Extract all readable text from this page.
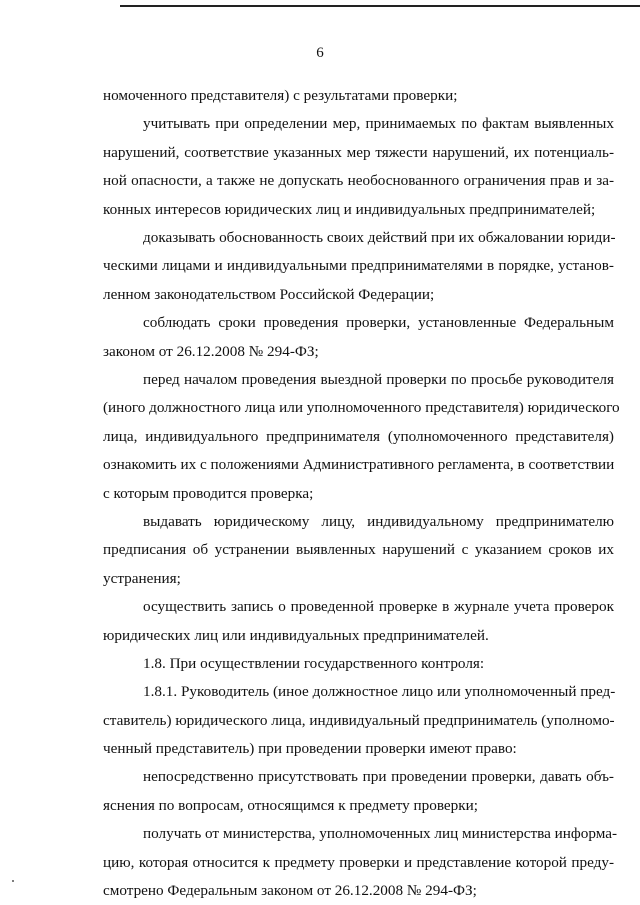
6
номоченного представителя) с результатами проверки;
учитывать при определении мер, принимаемых по фактам выявленных
нарушений, соответствие указанных мер тяжести нарушений, их потенциаль-
ной опасности, а также не допускать необоснованного ограничения прав и за-
конных интересов юридических лиц и индивидуальных предпринимателей;
доказывать обоснованность своих действий при их обжаловании юриди-
ческими лицами и индивидуальными предпринимателями в порядке, установ-
ленном законодательством Российской Федерации;
соблюдать сроки проведения проверки, установленные Федеральным
законом от 26.12.2008 № 294-ФЗ;
перед началом проведения выездной проверки по просьбе руководителя
(иного должностного лица или уполномоченного представителя) юридического
лица, индивидуального предпринимателя (уполномоченного представителя)
ознакомить их с положениями Административного регламента, в соответствии
с которым проводится проверка;
выдавать юридическому лицу, индивидуальному предпринимателю
предписания об устранении выявленных нарушений с указанием сроков их
устранения;
осуществить запись о проведенной проверке в журнале учета проверок
юридических лиц или индивидуальных предпринимателей.
1.8. При осуществлении государственного контроля:
1.8.1. Руководитель (иное должностное лицо или уполномоченный пред-
ставитель) юридического лица, индивидуальный предприниматель (уполномо-
ченный представитель) при проведении проверки имеют право:
непосредственно присутствовать при проведении проверки, давать объ-
яснения по вопросам, относящимся к предмету проверки;
получать от министерства, уполномоченных лиц министерства информа-
цию, которая относится к предмету проверки и представление которой преду-
смотрено Федеральным законом от 26.12.2008 № 294-ФЗ;
